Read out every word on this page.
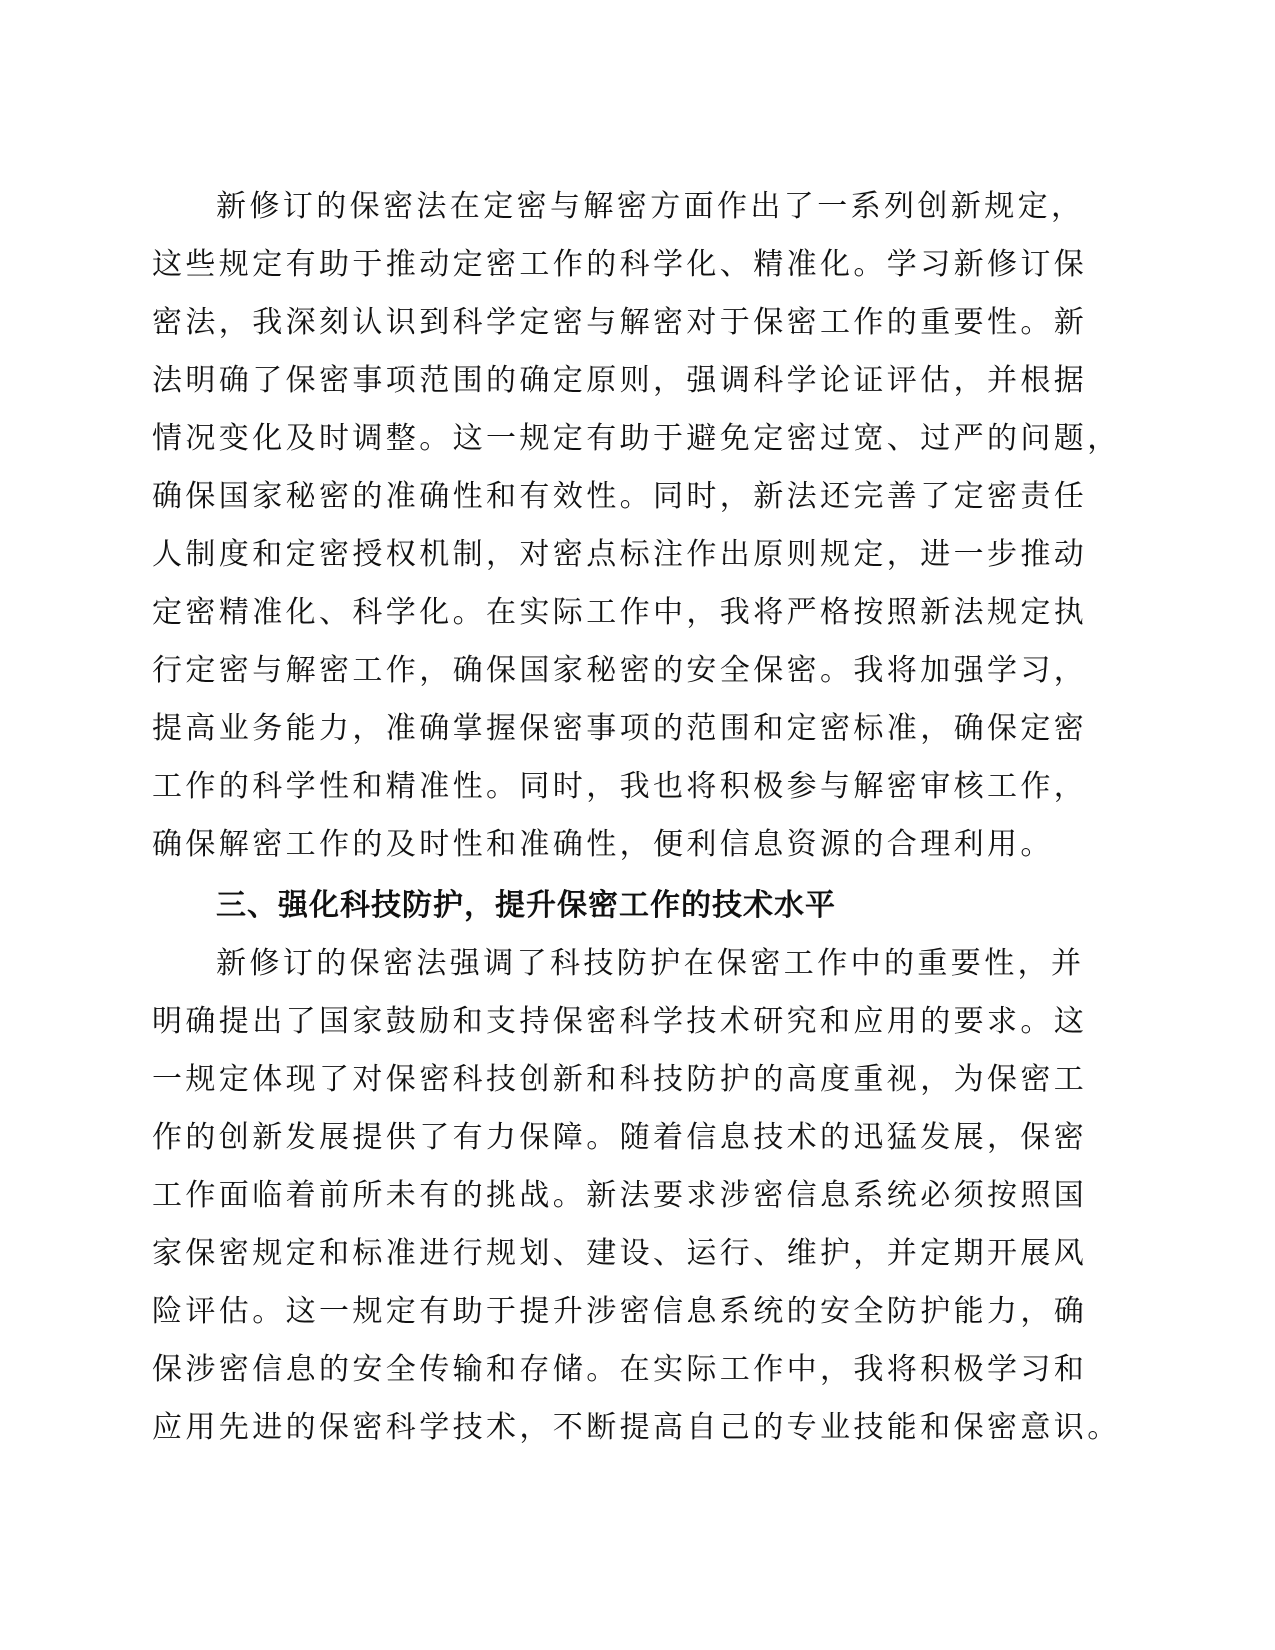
新修订的保密法在定密与解密方面作出了一系列创新规定，
这些规定有助于推动定密工作的科学化、精准化。学习新修订保
密法，我深刻认识到科学定密与解密对于保密工作的重要性。新
法明确了保密事项范围的确定原则，强调科学论证评估，并根据
情况变化及时调整。这一规定有助于避免定密过宽、过严的问题，
确保国家秘密的准确性和有效性。同时，新法还完善了定密责任
人制度和定密授权机制，对密点标注作出原则规定，进一步推动
定密精准化、科学化。在实际工作中，我将严格按照新法规定执
行定密与解密工作，确保国家秘密的安全保密。我将加强学习，
提高业务能力，准确掌握保密事项的范围和定密标准，确保定密
工作的科学性和精准性。同时，我也将积极参与解密审核工作，
确保解密工作的及时性和准确性，便利信息资源的合理利用。
三、强化科技防护，提升保密工作的技术水平
新修订的保密法强调了科技防护在保密工作中的重要性，并
明确提出了国家鼓励和支持保密科学技术研究和应用的要求。这
一规定体现了对保密科技创新和科技防护的高度重视，为保密工
作的创新发展提供了有力保障。随着信息技术的迅猛发展，保密
工作面临着前所未有的挑战。新法要求涉密信息系统必须按照国
家保密规定和标准进行规划、建设、运行、维护，并定期开展风
险评估。这一规定有助于提升涉密信息系统的安全防护能力，确
保涉密信息的安全传输和存储。在实际工作中，我将积极学习和
应用先进的保密科学技术，不断提高自己的专业技能和保密意识。
